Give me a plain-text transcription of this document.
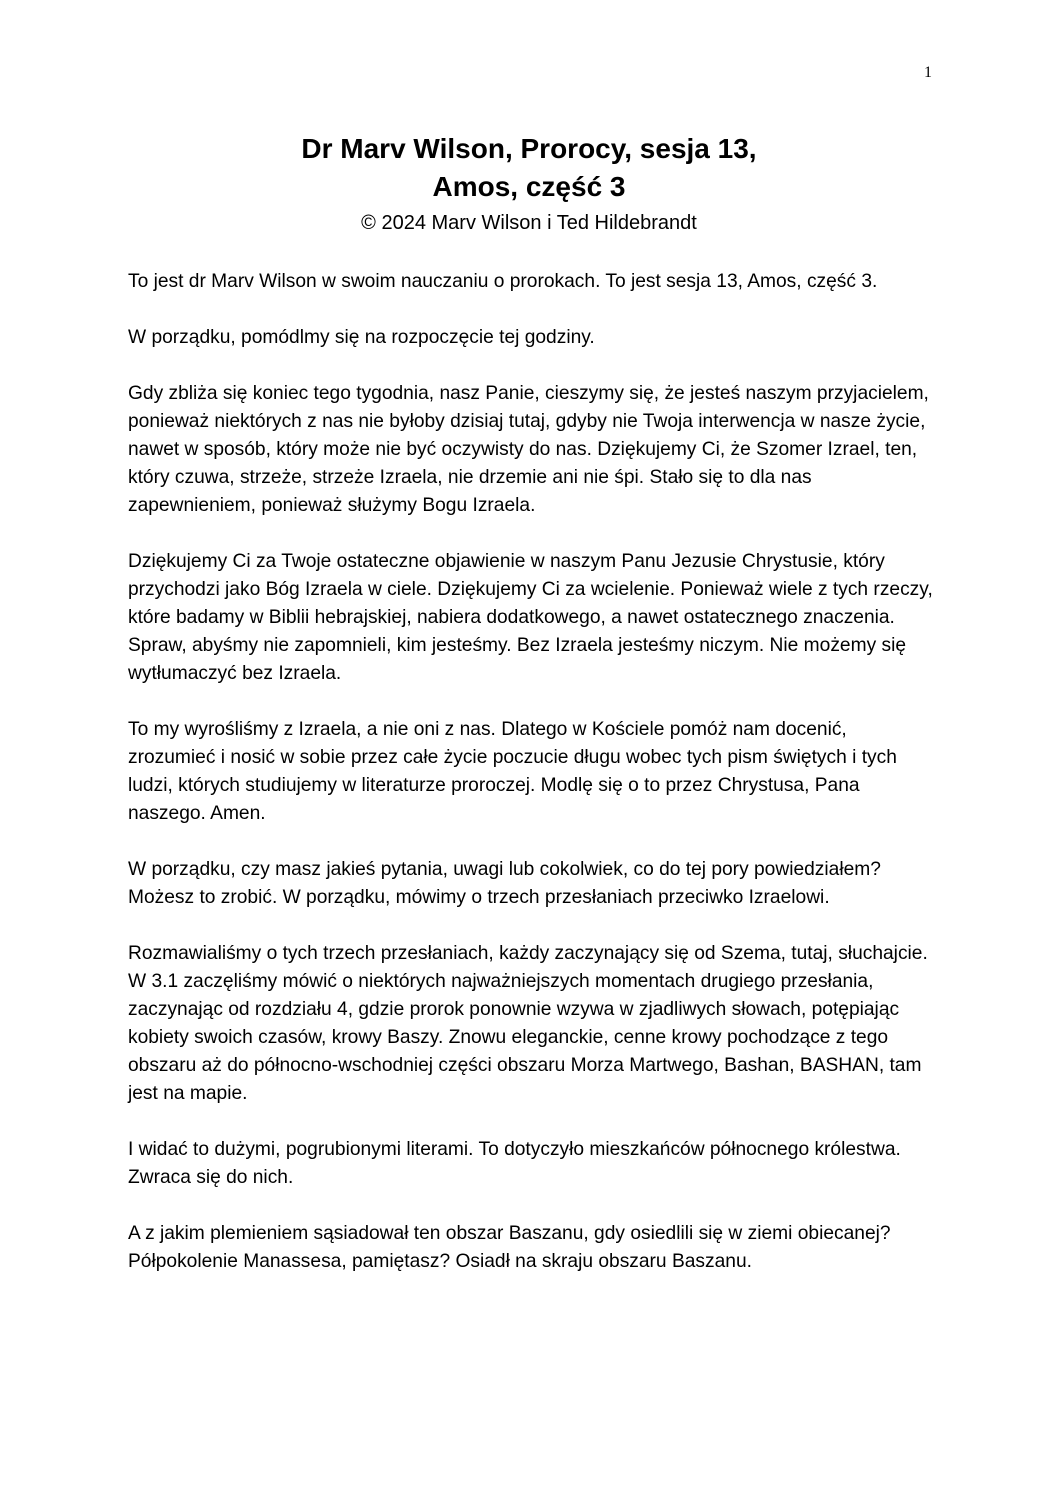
1
Dr Marv Wilson, Prorocy, sesja 13,
Amos, część 3
© 2024 Marv Wilson i Ted Hildebrandt

To jest dr Marv Wilson w swoim nauczaniu o prorokach. To jest sesja 13, Amos, część 3.

W porządku, pomódlmy się na rozpoczęcie tej godziny.

Gdy zbliża się koniec tego tygodnia, nasz Panie, cieszymy się, że jesteś naszym przyjacielem, ponieważ niektórych z nas nie byłoby dzisiaj tutaj, gdyby nie Twoja interwencja w nasze życie, nawet w sposób, który może nie być oczywisty do nas. Dziękujemy Ci, że Szomer Izrael, ten, który czuwa, strzeże, strzeże Izraela, nie drzemie ani nie śpi. Stało się to dla nas zapewnieniem, ponieważ służymy Bogu Izraela.

Dziękujemy Ci za Twoje ostateczne objawienie w naszym Panu Jezusie Chrystusie, który przychodzi jako Bóg Izraela w ciele. Dziękujemy Ci za wcielenie. Ponieważ wiele z tych rzeczy, które badamy w Biblii hebrajskiej, nabiera dodatkowego, a nawet ostatecznego znaczenia. Spraw, abyśmy nie zapomnieli, kim jesteśmy. Bez Izraela jesteśmy niczym. Nie możemy się wytłumaczyć bez Izraela.

To my wyrośliśmy z Izraela, a nie oni z nas. Dlatego w Kościele pomóż nam docenić, zrozumieć i nosić w sobie przez całe życie poczucie długu wobec tych pism świętych i tych ludzi, których studiujemy w literaturze proroczej. Modlę się o to przez Chrystusa, Pana naszego. Amen.

W porządku, czy masz jakieś pytania, uwagi lub cokolwiek, co do tej pory powiedziałem? Możesz to zrobić. W porządku, mówimy o trzech przesłaniach przeciwko Izraelowi.

Rozmawialiśmy o tych trzech przesłaniach, każdy zaczynający się od Szema, tutaj, słuchajcie. W 3.1 zaczęliśmy mówić o niektórych najważniejszych momentach drugiego przesłania, zaczynając od rozdziału 4, gdzie prorok ponownie wzywa w zjadliwych słowach, potępiając kobiety swoich czasów, krowy Baszy. Znowu eleganckie, cenne krowy pochodzące z tego obszaru aż do północno-wschodniej części obszaru Morza Martwego, Bashan, BASHAN, tam jest na mapie.

I widać to dużymi, pogrubionymi literami. To dotyczyło mieszkańców północnego królestwa. Zwraca się do nich.

A z jakim plemieniem sąsiadował ten obszar Baszanu, gdy osiedlili się w ziemi obiecanej? Półpokolenie Manassesa, pamiętasz? Osiadł na skraju obszaru Baszanu.
